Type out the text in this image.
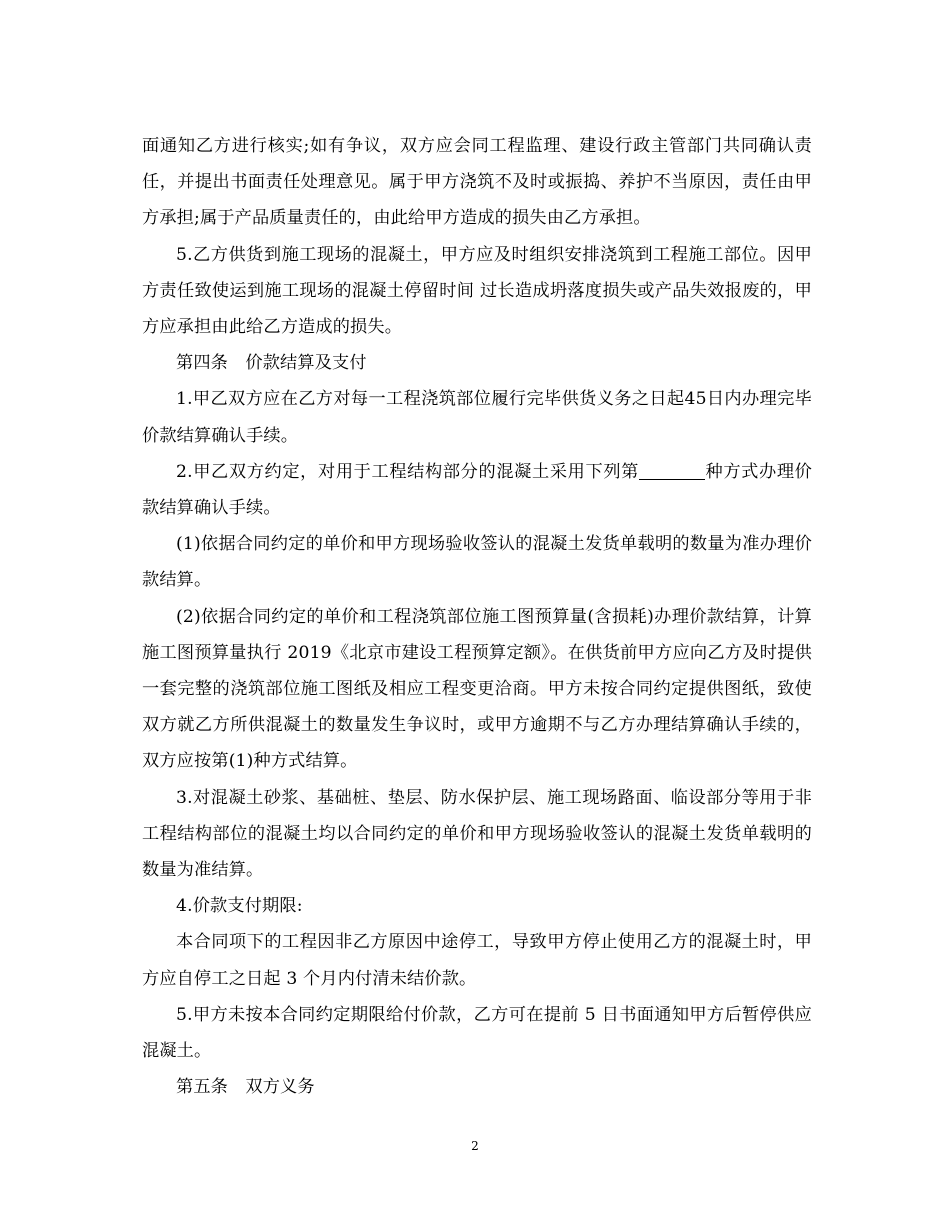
面通知乙方进行核实;如有争议，双方应会同工程监理、建设行政主管部门共同确认责任，并提出书面责任处理意见。属于甲方浇筑不及时或振捣、养护不当原因，责任由甲方承担;属于产品质量责任的，由此给甲方造成的损失由乙方承担。

5.乙方供货到施工现场的混凝土，甲方应及时组织安排浇筑到工程施工部位。因甲方责任致使运到施工现场的混凝土停留时间 过长造成坍落度损失或产品失效报废的，甲方应承担由此给乙方造成的损失。

第四条　价款结算及支付

1.甲乙双方应在乙方对每一工程浇筑部位履行完毕供货义务之日起45日内办理完毕价款结算确认手续。

2.甲乙双方约定，对用于工程结构部分的混凝土采用下列第	种方式办理价款结算确认手续。

(1)依据合同约定的单价和甲方现场验收签认的混凝土发货单载明的数量为准办理价款结算。

(2)依据合同约定的单价和工程浇筑部位施工图预算量(含损耗)办理价款结算，计算施工图预算量执行 2019《北京市建设工程预算定额》。在供货前甲方应向乙方及时提供一套完整的浇筑部位施工图纸及相应工程变更洽商。甲方未按合同约定提供图纸，致使双方就乙方所供混凝土的数量发生争议时，或甲方逾期不与乙方办理结算确认手续的，双方应按第(1)种方式结算。

3.对混凝土砂浆、基础桩、垫层、防水保护层、施工现场路面、临设部分等用于非工程结构部位的混凝土均以合同约定的单价和甲方现场验收签认的混凝土发货单载明的数量为准结算。

4.价款支付期限:

本合同项下的工程因非乙方原因中途停工，导致甲方停止使用乙方的混凝土时，甲方应自停工之日起 3 个月内付清未结价款。

5.甲方未按本合同约定期限给付价款，乙方可在提前 5 日书面通知甲方后暂停供应混凝土。

第五条　双方义务

2
